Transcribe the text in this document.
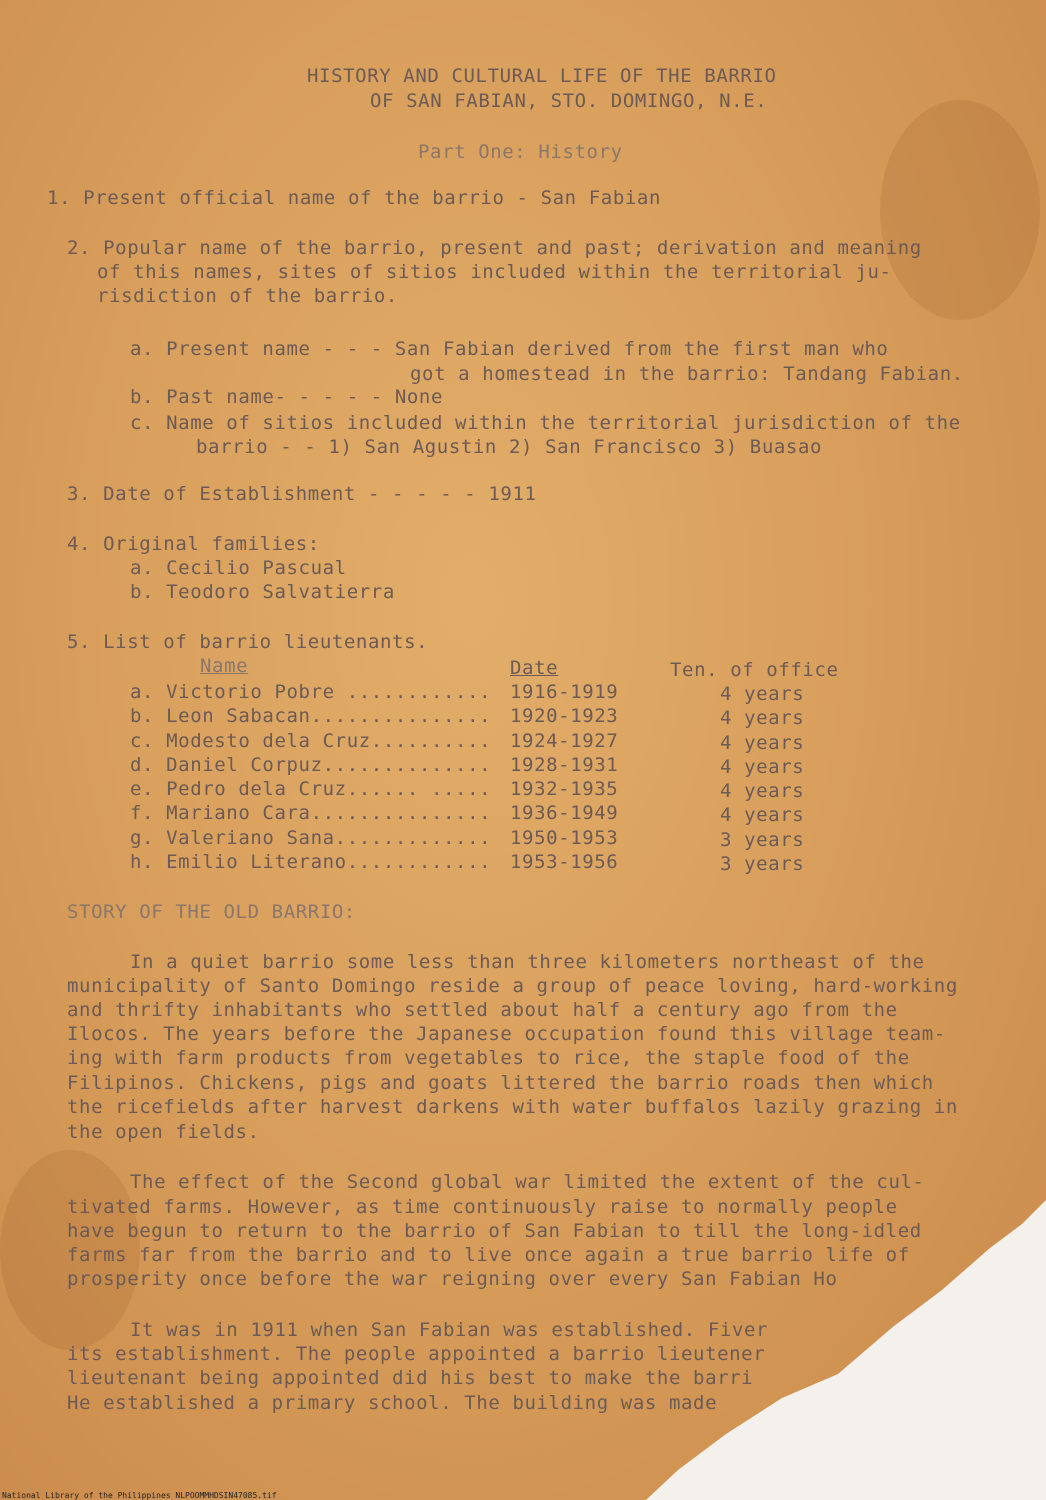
HISTORY AND CULTURAL LIFE OF THE BARRIO
OF SAN FABIAN, STO. DOMINGO, N.E.
Part One: History
1. Present official name of the barrio - San Fabian
2. Popular name of the barrio, present and past; derivation and meaning
of this names, sites of sitios included within the territorial ju-
risdiction of the barrio.
a. Present name - - - San Fabian derived from the first man who
got a homestead in the barrio: Tandang Fabian.
b. Past name- - - - - None
c. Name of sitios included within the territorial jurisdiction of the
barrio - - 1) San Agustin 2) San Francisco 3) Buasao
3. Date of Establishment - - - - - 1911
4. Original families:
a. Cecilio Pascual
b. Teodoro Salvatierra
5. List of barrio lieutenants.
Name	Date	Ten. of office
a. Victorio Pobre ............ 1916-1919	4 years
b. Leon Sabacan............... 1920-1923	4 years
c. Modesto dela Cruz.......... 1924-1927	4 years
d. Daniel Corpuz.............. 1928-1931	4 years
e. Pedro dela Cruz...... ..... 1932-1935	4 years
f. Mariano Cara............... 1936-1949	4 years
g. Valeriano Sana............. 1950-1953	3 years
h. Emilio Literano............ 1953-1956	3 years
STORY OF THE OLD BARRIO:
In a quiet barrio some less than three kilometers northeast of the
municipality of Santo Domingo reside a group of peace loving, hard-working
and thrifty inhabitants who settled about half a century ago from the
Ilocos. The years before the Japanese occupation found this village team-
ing with farm products from vegetables to rice, the staple food of the
Filipinos. Chickens, pigs and goats littered the barrio roads then which
the ricefields after harvest darkens with water buffalos lazily grazing in
the open fields.
The effect of the Second global war limited the extent of the cul-
tivated farms. However, as time continuously raise to normally people
have begun to return to the barrio of San Fabian to till the long-idled
farms far from the barrio and to live once again a true barrio life of
prosperity once before the war reigning over every San Fabian Ho
It was in 1911 when San Fabian was established. Fiver
its establishment. The people appointed a barrio lieutener
lieutenant being appointed did his best to make the barri
He established a primary school. The building was made
National Library of the Philippines NLPOOMMHDSIN47085.tif
